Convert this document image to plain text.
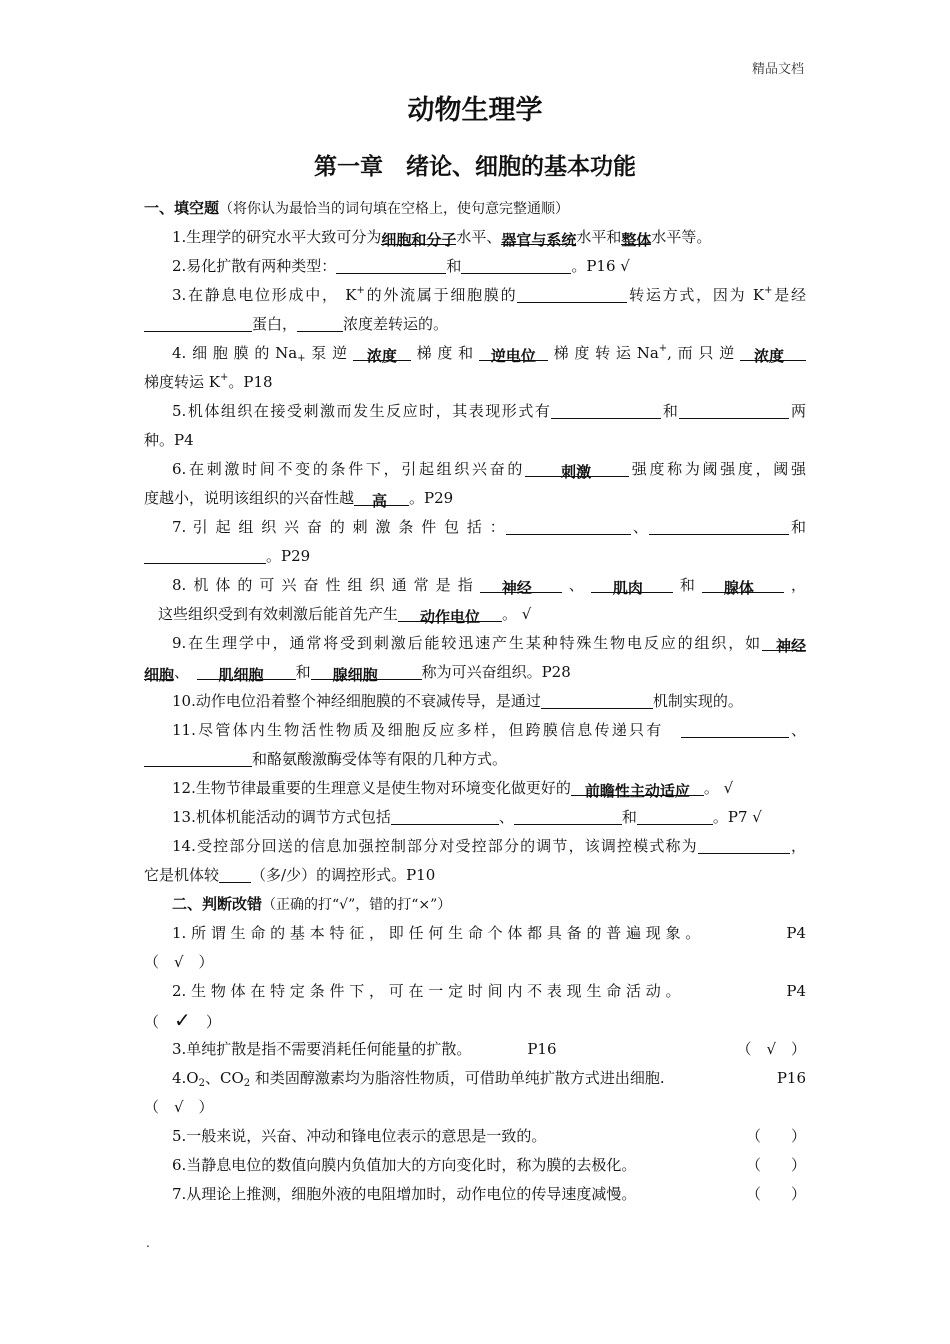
精品文档
动物生理学
第一章　绪论、细胞的基本功能
一、填空题（将你认为最恰当的词句填在空格上，使句意完整通顺）
1.生理学的研究水平大致可分为细胞和分子水平、器官与系统水平和整体水平等。
2.易化扩散有两种类型：	和	。P16 √
3.在静息电位形成中， K+的外流属于细胞膜的	转运方式，因为 K+是经
蛋白，	浓度差转运的。
4.细胞膜的$Na_+$泵逆 浓度 梯度和 逆电位 梯度转运Na+,而只逆 浓度
梯度转运 K+。P18
5.机体组织在接受刺激而发生反应时，其表现形式有	和	两
种。P4
6.在刺激时间不变的条件下，引起组织兴奋的 刺激	强度称为阈强度，阈强
度越小，说明该组织的兴奋性越 高 。P29
7. 引 起 组 织 兴 奋 的 刺 激 条 件 包 括 ：	、	和
。P29
8.机体的可兴奋性组织通常是指 神经 、 肌肉 和 腺体 ，
这些组织受到有效刺激后能首先产生 动作电位 。 √
9.在生理学中，通常将受到刺激后能较迅速产生某种特殊生物电反应的组织，如 神经
细胞、　 肌细胞 和 腺细胞	称为可兴奋组织。P28
10.动作电位沿着整个神经细胞膜的不衰减传导，是通过	机制实现的。
11.尽管体内生物活性物质及细胞反应多样，但跨膜信息传递只有　	、
和酪氨酸激酶受体等有限的几种方式。
12.生物节律最重要的生理意义是使生物对环境变化做更好的 前瞻性主动适应 。 √
13.机体机能活动的调节方式包括	、	和	。P7 √
14.受控部分回送的信息加强控制部分对受控部分的调节，该调控模式称为	，
它是机体较 （多/少）的调控形式。P10
二、判断改错（正确的打“√”，错的打“×”）
1. 所 谓 生 命 的 基 本 特 征 ， 即 任 何 生 命 个 体 都 具 备 的 普 遍 现 象 。	P4
（　√　）
2. 生 物 体 在 特 定 条 件 下 ， 可 在 一 定 时 间 内 不 表 现 生 命 活 动 。	P4
（　 ✓　 ）
3.单纯扩散是指不需要消耗任何能量的扩散。	P16	（　√　）
$4.O_2$、$CO_2$ 和类固醇激素均为脂溶性物质，可借助单纯扩散方式进出细胞.	P16
（　√　）
5.一般来说，兴奋、冲动和锋电位表示的意思是一致的。	（　　）
6.当静息电位的数值向膜内负值加大的方向变化时，称为膜的去极化。	（　　）
7.从理论上推测，细胞外液的电阻增加时，动作电位的传导速度减慢。	（　　）
.
